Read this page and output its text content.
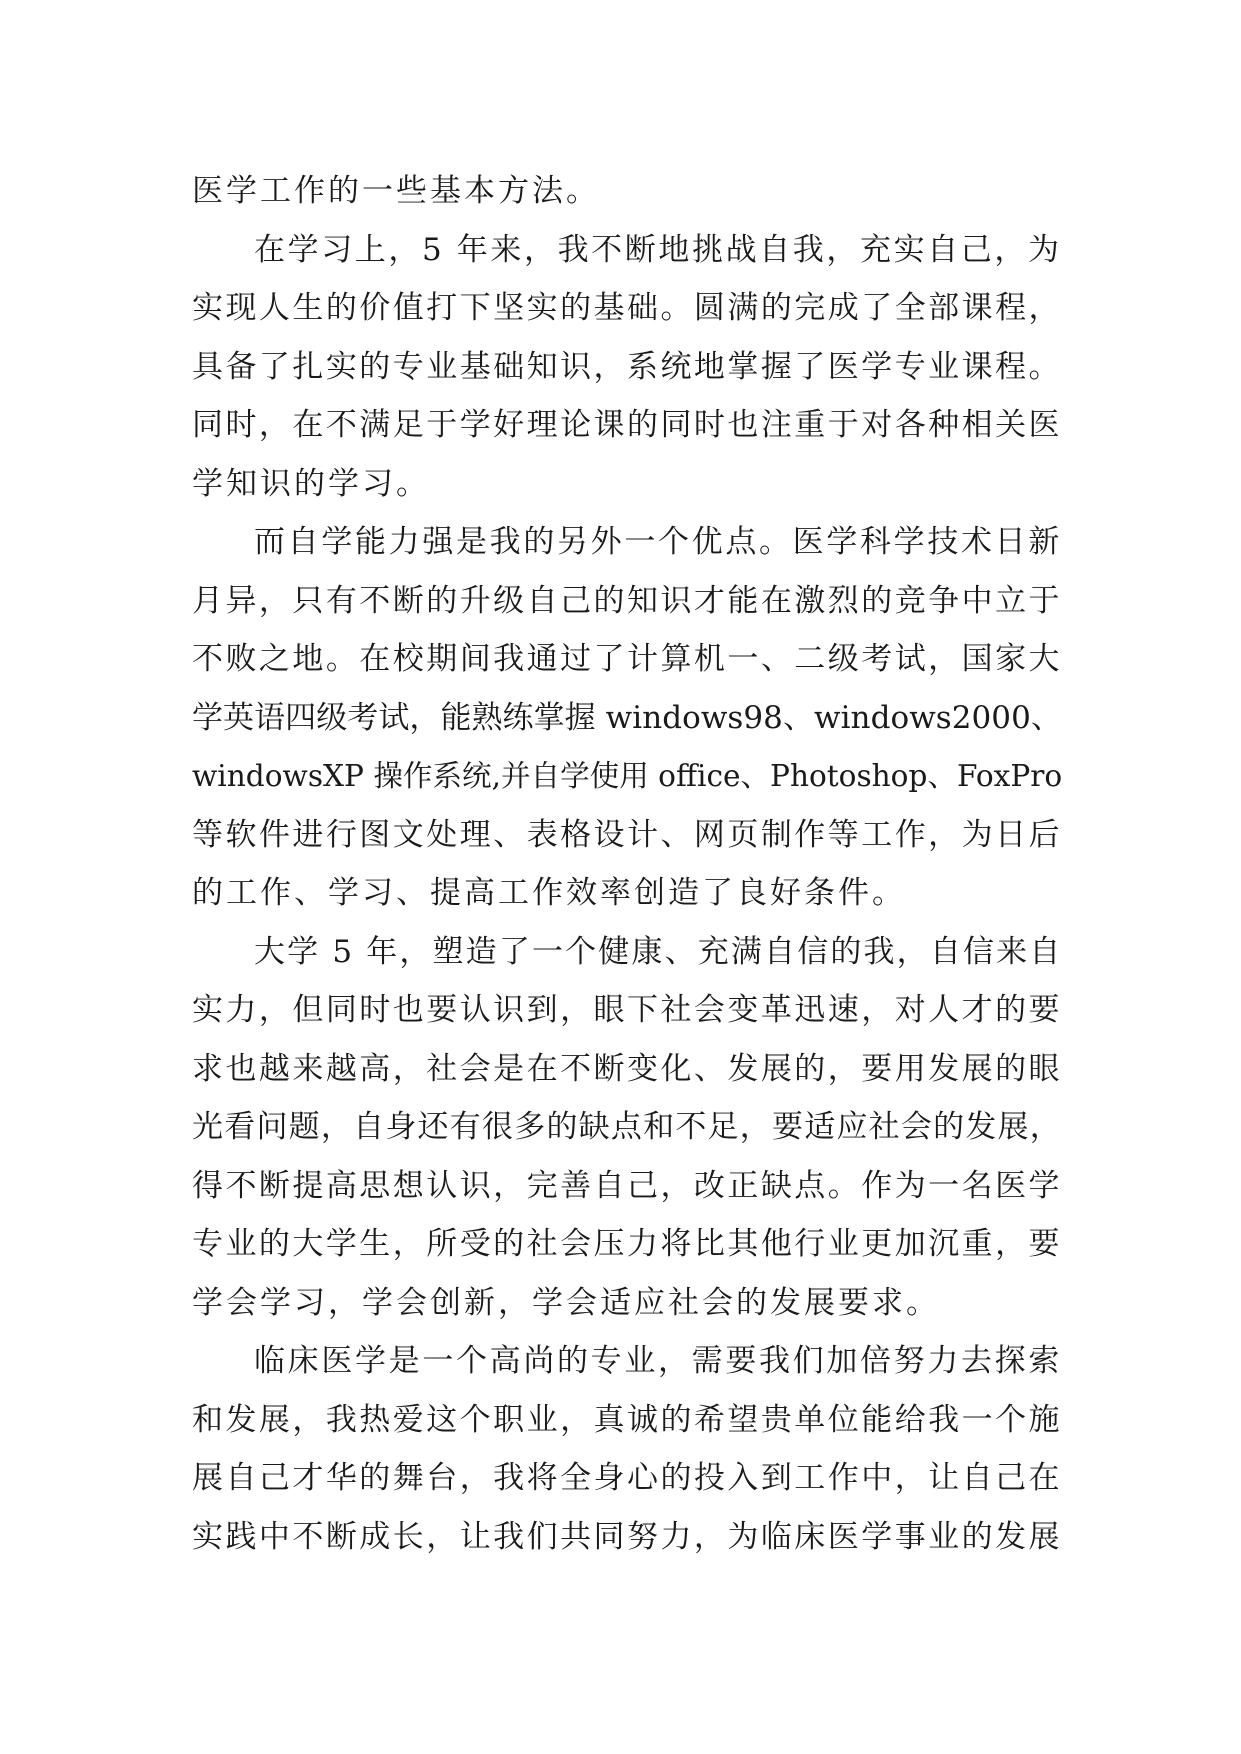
医学工作的一些基本方法。
在学习上，5 年来，我不断地挑战自我，充实自己，为
实现人生的价值打下坚实的基础。圆满的完成了全部课程，
具备了扎实的专业基础知识，系统地掌握了医学专业课程。
同时，在不满足于学好理论课的同时也注重于对各种相关医
学知识的学习。
而自学能力强是我的另外一个优点。医学科学技术日新
月异，只有不断的升级自己的知识才能在激烈的竞争中立于
不败之地。在校期间我通过了计算机一、二级考试，国家大
学英语四级考试，能熟练掌握 windows98、windows2000、
windowsXP 操作系统,并自学使用 office、Photoshop、FoxPro
等软件进行图文处理、表格设计、网页制作等工作，为日后
的工作、学习、提高工作效率创造了良好条件。
大学 5 年，塑造了一个健康、充满自信的我，自信来自
实力，但同时也要认识到，眼下社会变革迅速，对人才的要
求也越来越高，社会是在不断变化、发展的，要用发展的眼
光看问题，自身还有很多的缺点和不足，要适应社会的发展，
得不断提高思想认识，完善自己，改正缺点。作为一名医学
专业的大学生，所受的社会压力将比其他行业更加沉重，要
学会学习，学会创新，学会适应社会的发展要求。
临床医学是一个高尚的专业，需要我们加倍努力去探索
和发展，我热爱这个职业，真诚的希望贵单位能给我一个施
展自己才华的舞台，我将全身心的投入到工作中，让自己在
实践中不断成长，让我们共同努力，为临床医学事业的发展
